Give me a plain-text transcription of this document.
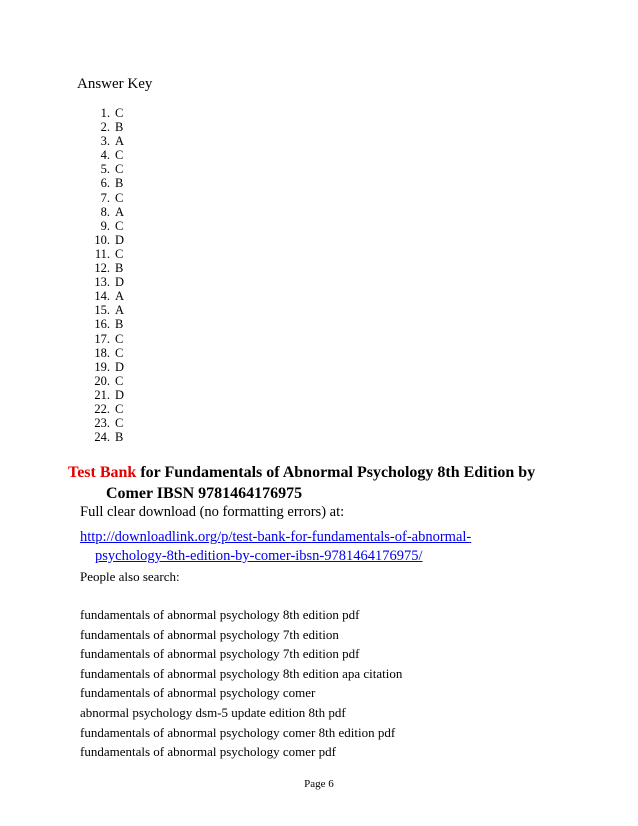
Answer Key
1. C
2. B
3. A
4. C
5. C
6. B
7. C
8. A
9. C
10. D
11. C
12. B
13. D
14. A
15. A
16. B
17. C
18. C
19. D
20. C
21. D
22. C
23. C
24. B
Test Bank for Fundamentals of Abnormal Psychology 8th Edition by
Comer IBSN 9781464176975
Full clear download (no formatting errors) at:
http://downloadlink.org/p/test-bank-for-fundamentals-of-abnormal-
psychology-8th-edition-by-comer-ibsn-9781464176975/
People also search:
fundamentals of abnormal psychology 8th edition pdf
fundamentals of abnormal psychology 7th edition
fundamentals of abnormal psychology 7th edition pdf
fundamentals of abnormal psychology 8th edition apa citation
fundamentals of abnormal psychology comer
abnormal psychology dsm-5 update edition 8th pdf
fundamentals of abnormal psychology comer 8th edition pdf
fundamentals of abnormal psychology comer pdf
Page 6
